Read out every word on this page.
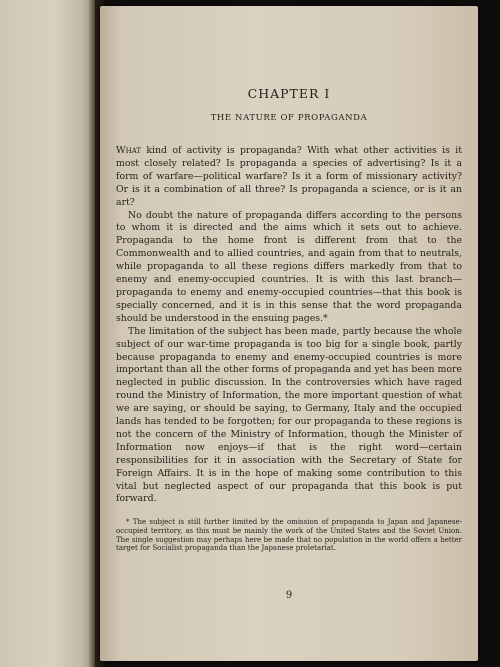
CHAPTER I
THE NATURE OF PROPAGANDA

What kind of activity is propaganda? With what other activities is it most closely related? Is propaganda a species of advertising? Is it a form of warfare—political warfare? Is it a form of missionary activity? Or is it a combination of all three? Is propaganda a science, or is it an art?

No doubt the nature of propaganda differs according to the persons to whom it is directed and the aims which it sets out to achieve. Propaganda to the home front is different from that to the Commonwealth and to allied countries, and again from that to neutrals, while propaganda to all these regions differs markedly from that to enemy and enemy-occupied countries. It is with this last branch—propaganda to enemy and enemy-occupied countries—that this book is specially concerned, and it is in this sense that the word propaganda should be understood in the ensuing pages.*

The limitation of the subject has been made, partly because the whole subject of our war-time propaganda is too big for a single book, partly because propaganda to enemy and enemy-occupied countries is more important than all the other forms of propaganda and yet has been more neglected in public discussion. In the controversies which have raged round the Ministry of Information, the more important question of what we are saying, or should be saying, to Germany, Italy and the occupied lands has tended to be forgotten; for our propaganda to these regions is not the concern of the Ministry of Information, though the Minister of Information now enjoys—if that is the right word—certain responsibilities for it in association with the Secretary of State for Foreign Affairs. It is in the hope of making some contribution to this vital but neglected aspect of our propaganda that this book is put forward.

* The subject is still further limited by the omission of propaganda to Japan and Japanese-occupied territory, as this must be mainly the work of the United States and the Soviet Union. The single suggestion may perhaps here be made that no population in the world offers a better target for Socialist propaganda than the Japanese proletariat.

9
